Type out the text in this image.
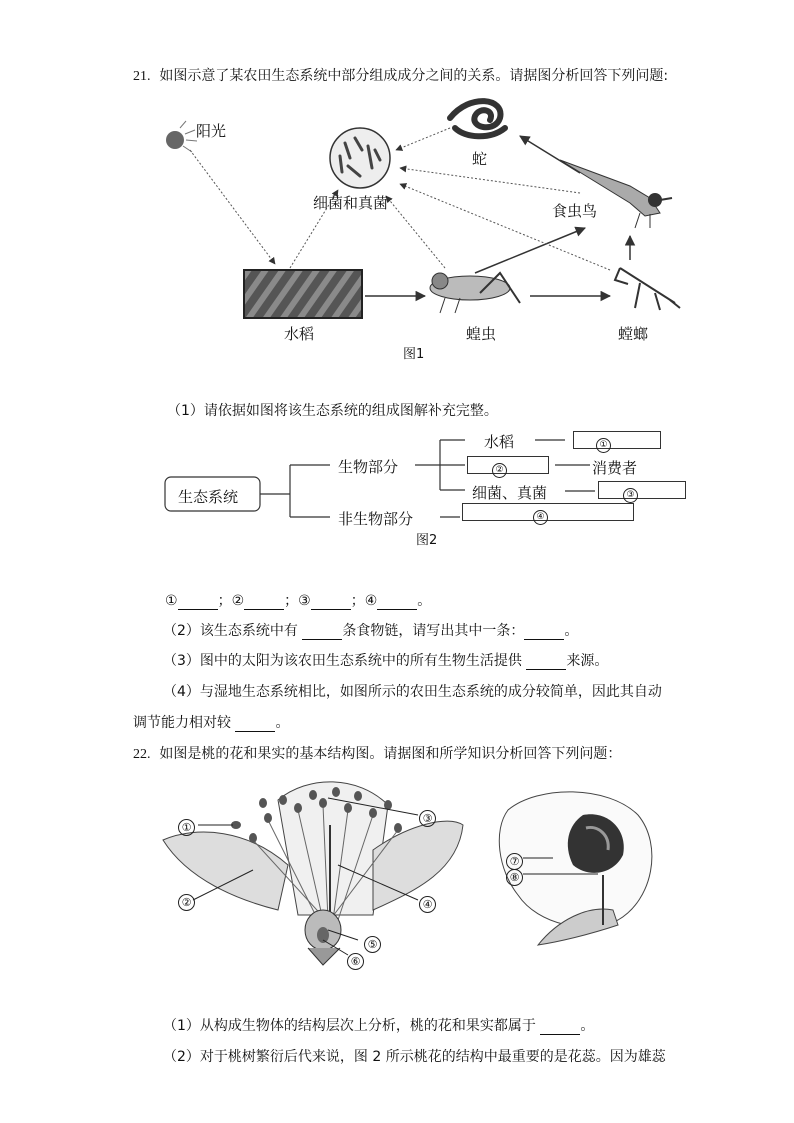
21. 如图示意了某农田生态系统中部分组成成分之间的关系。请据图分析回答下列问题:
阳光
细菌和真菌
蛇
食虫鸟
水稻	蝗虫	螳螂
图1
（1）请依据如图将该生态系统的组成图解补充完整。
生态系统
生物部分
非生物部分
水稻
消费者
细菌、真菌
①
②
③
④
图2
①	；②	；③	；④	。
（2）该生态系统中有	条食物链，请写出其中一条：	。
（3）图中的太阳为该农田生态系统中的所有生物生活提供	来源。
（4）与湿地生态系统相比，如图所示的农田生态系统的成分较简单，因此其自动
调节能力相对较	。
22. 如图是桃的花和果实的基本结构图。请据图和所学知识分析回答下列问题：
①
②
③
④
⑤
⑥
⑦
⑧
（1）从构成生物体的结构层次上分析，桃的花和果实都属于	。
（2）对于桃树繁衍后代来说，图 2 所示桃花的结构中最重要的是花蕊。因为雄蕊
